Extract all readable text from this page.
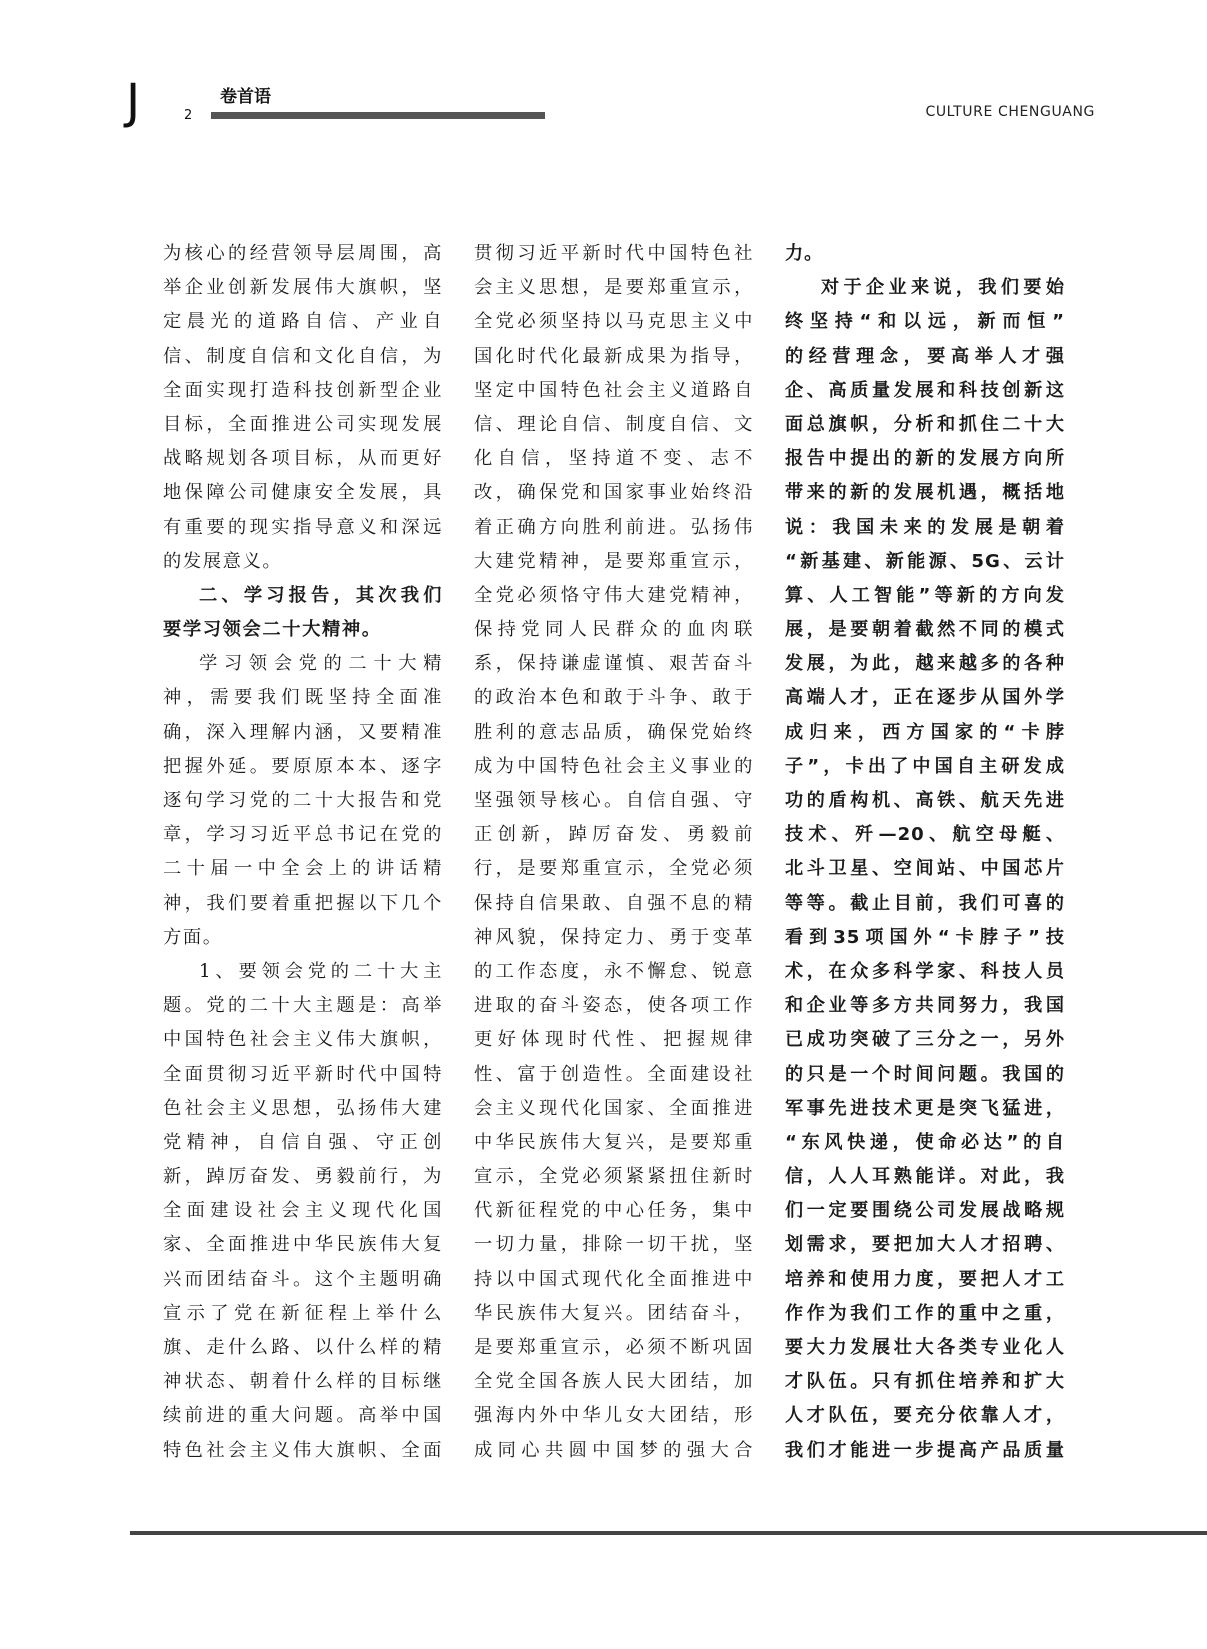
J	卷首语
2	CULTURE CHENGUANG
为核心的经营领导层周围，高
举企业创新发展伟大旗帜，坚
定晨光的道路自信、产业自
信、制度自信和文化自信，为
全面实现打造科技创新型企业
目标，全面推进公司实现发展
战略规划各项目标，从而更好
地保障公司健康安全发展，具
有重要的现实指导意义和深远
的发展意义。
二、学习报告，其次我们
要学习领会二十大精神。
学习领会党的二十大精
神，需要我们既坚持全面准
确，深入理解内涵，又要精准
把握外延。要原原本本、逐字
逐句学习党的二十大报告和党
章，学习习近平总书记在党的
二十届一中全会上的讲话精
神，我们要着重把握以下几个
方面。
1、要领会党的二十大主
题。党的二十大主题是：高举
中国特色社会主义伟大旗帜，
全面贯彻习近平新时代中国特
色社会主义思想，弘扬伟大建
党精神，自信自强、守正创
新，踔厉奋发、勇毅前行，为
全面建设社会主义现代化国
家、全面推进中华民族伟大复
兴而团结奋斗。这个主题明确
宣示了党在新征程上举什么
旗、走什么路、以什么样的精
神状态、朝着什么样的目标继
续前进的重大问题。高举中国
特色社会主义伟大旗帜、全面
贯彻习近平新时代中国特色社
会主义思想，是要郑重宣示，
全党必须坚持以马克思主义中
国化时代化最新成果为指导，
坚定中国特色社会主义道路自
信、理论自信、制度自信、文
化自信，坚持道不变、志不
改，确保党和国家事业始终沿
着正确方向胜利前进。弘扬伟
大建党精神，是要郑重宣示，
全党必须恪守伟大建党精神，
保持党同人民群众的血肉联
系，保持谦虚谨慎、艰苦奋斗
的政治本色和敢于斗争、敢于
胜利的意志品质，确保党始终
成为中国特色社会主义事业的
坚强领导核心。自信自强、守
正创新，踔厉奋发、勇毅前
行，是要郑重宣示，全党必须
保持自信果敢、自强不息的精
神风貌，保持定力、勇于变革
的工作态度，永不懈怠、锐意
进取的奋斗姿态，使各项工作
更好体现时代性、把握规律
性、富于创造性。全面建设社
会主义现代化国家、全面推进
中华民族伟大复兴，是要郑重
宣示，全党必须紧紧扭住新时
代新征程党的中心任务，集中
一切力量，排除一切干扰，坚
持以中国式现代化全面推进中
华民族伟大复兴。团结奋斗，
是要郑重宣示，必须不断巩固
全党全国各族人民大团结，加
强海内外中华儿女大团结，形
成同心共圆中国梦的强大合
力。
对于企业来说，我们要始
终坚持“和以远，新而恒”
的经营理念，要高举人才强
企、高质量发展和科技创新这
面总旗帜，分析和抓住二十大
报告中提出的新的发展方向所
带来的新的发展机遇，概括地
说：我国未来的发展是朝着
“新基建、新能源、5G、云计
算、人工智能”等新的方向发
展，是要朝着截然不同的模式
发展，为此，越来越多的各种
高端人才，正在逐步从国外学
成归来，西方国家的“卡脖
子”，卡出了中国自主研发成
功的盾构机、高铁、航天先进
技术、歼—20、航空母艇、
北斗卫星、空间站、中国芯片
等等。截止目前，我们可喜的
看到35项国外“卡脖子”技
术，在众多科学家、科技人员
和企业等多方共同努力，我国
已成功突破了三分之一，另外
的只是一个时间问题。我国的
军事先进技术更是突飞猛进，
“东风快递，使命必达”的自
信，人人耳熟能详。对此，我
们一定要围绕公司发展战略规
划需求，要把加大人才招聘、
培养和使用力度，要把人才工
作作为我们工作的重中之重，
要大力发展壮大各类专业化人
才队伍。只有抓住培养和扩大
人才队伍，要充分依靠人才，
我们才能进一步提高产品质量
